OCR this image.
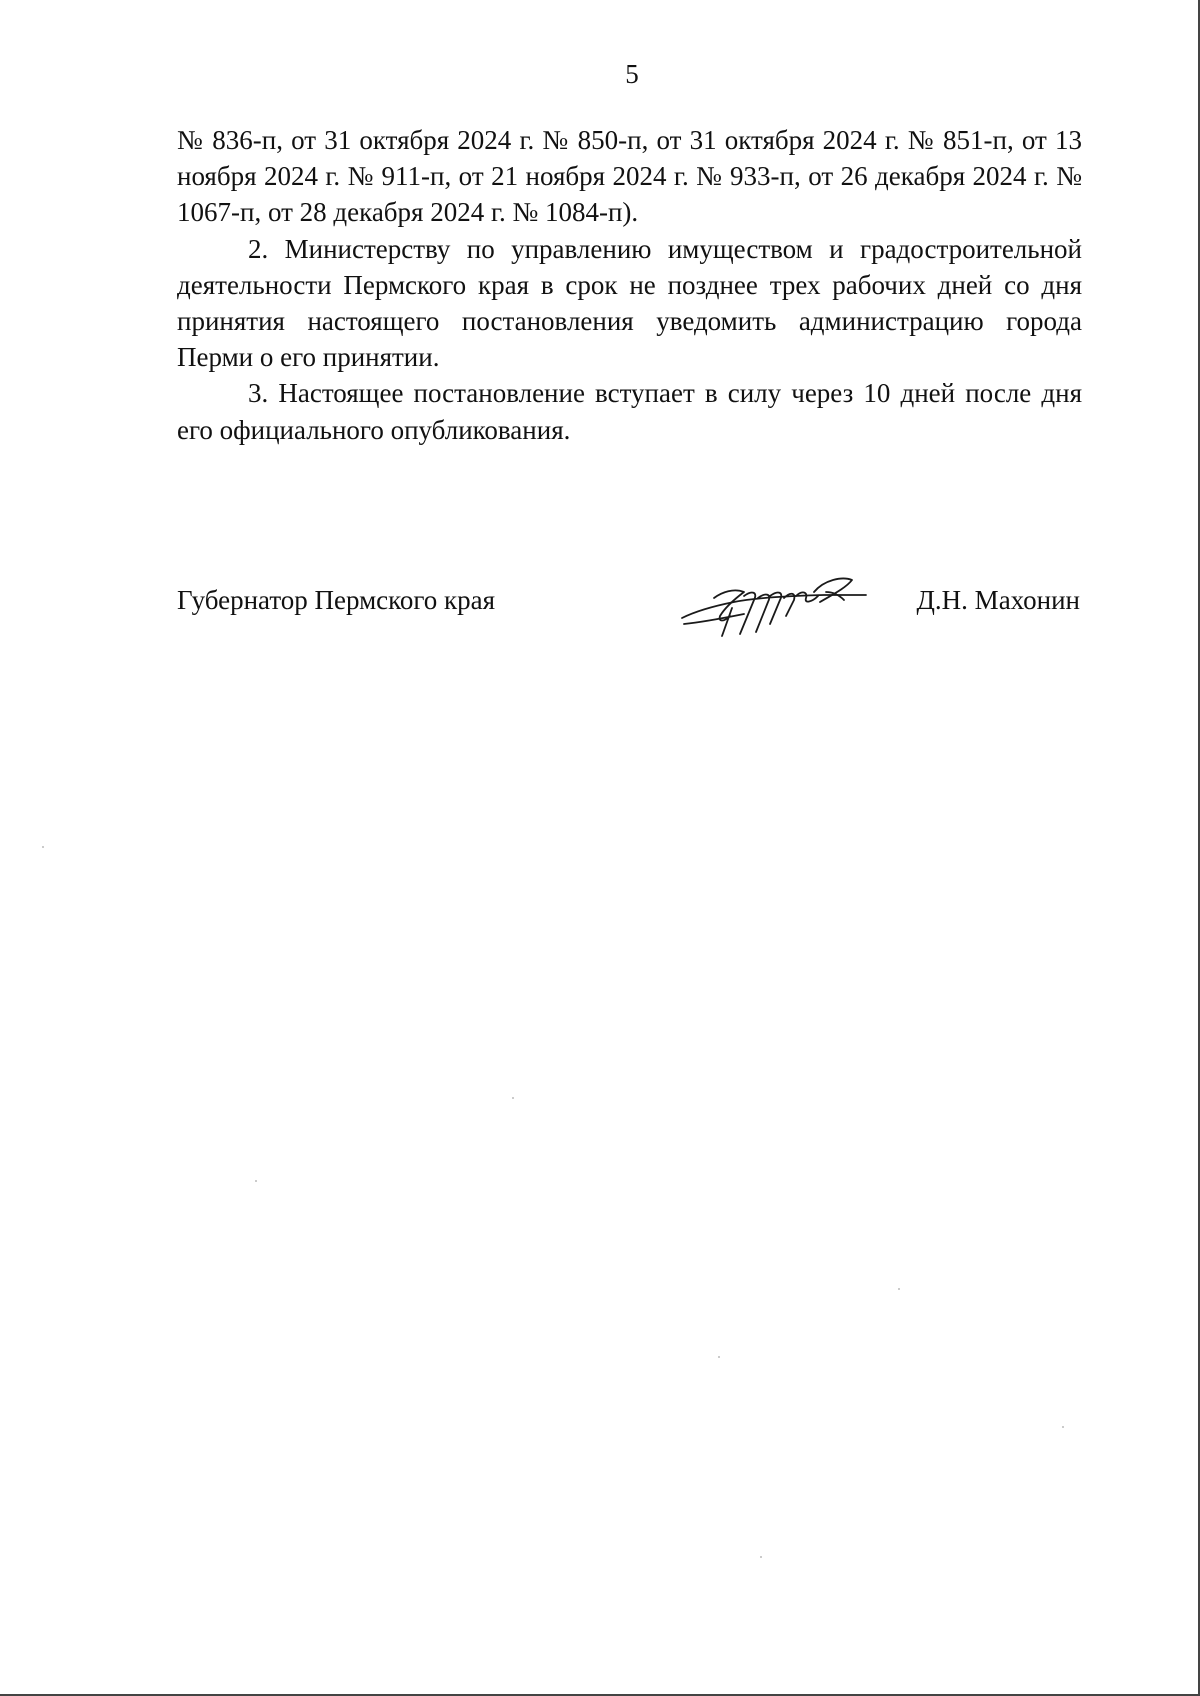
5

№ 836-п, от 31 октября 2024 г. № 850-п, от 31 октября 2024 г. № 851-п, от 13 ноября 2024 г. № 911-п, от 21 ноября 2024 г. № 933-п, от 26 декабря 2024 г. № 1067-п, от 28 декабря 2024 г. № 1084-п).

2. Министерству по управлению имуществом и градостроительной деятельности Пермского края в срок не позднее трех рабочих дней со дня принятия настоящего постановления уведомить администрацию города Перми о его принятии.

3. Настоящее постановление вступает в силу через 10 дней после дня его официального опубликования.

Губернатор Пермского края	Д.Н. Махонин
